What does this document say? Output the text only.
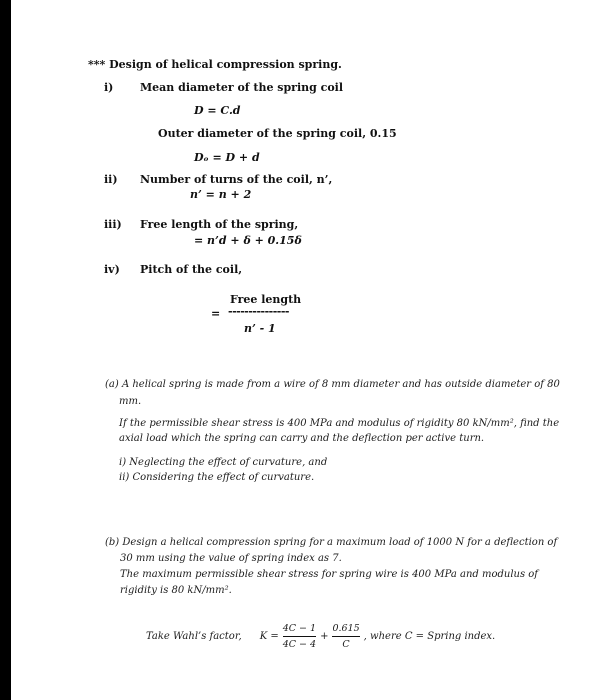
*** Design of helical compression spring.
i) Mean diameter of the spring coil
D = C.d
Outer diameter of the spring coil, 0.15
Dₒ = D + d
ii) Number of turns of the coil, n’,
n’ = n + 2
iii) Free length of the spring,
= n’d + δ + 0.15δ
iv) Pitch of the coil,
Free length
= ---------------
n’ - 1
(a) A helical spring is made from a wire of 8 mm diameter and has outside diameter of 80
mm.
If the permissible shear stress is 400 MPa and modulus of rigidity 80 kN/mm², find the
axial load which the spring can carry and the deflection per active turn.
i) Neglecting the effect of curvature, and
ii) Considering the effect of curvature.
(b) Design a helical compression spring for a maximum load of 1000 N for a deflection of
30 mm using the value of spring index as 7.
The maximum permissible shear stress for spring wire is 400 MPa and modulus of
rigidity is 80 kN/mm².
Take Wahl’s factor, $K = \frac{4C - 1}{4C - 4} + \frac{0.615}{C}$ , where C = Spring index.
